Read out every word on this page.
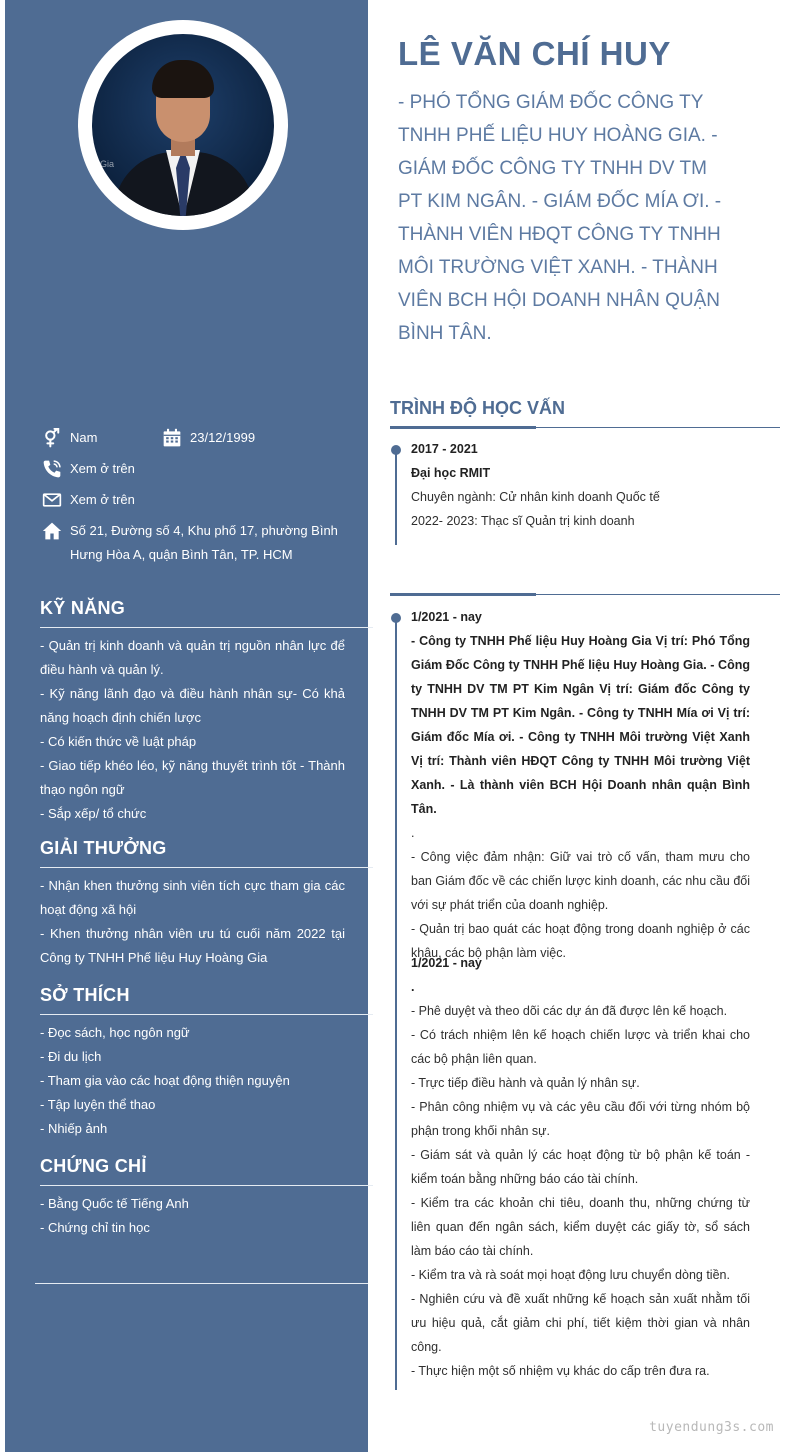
Gia
n
Nam	23/12/1999
Xem ở trên
Xem ở trên
Số 21, Đường số 4, Khu phố 17, phường Bình Hưng Hòa A, quận Bình Tân, TP. HCM
KỸ NĂNG
- Quản trị kinh doanh và quản trị nguồn nhân lực để điều hành và quản lý.
- Kỹ năng lãnh đạo và điều hành nhân sự- Có khả năng hoạch định chiến lược
- Có kiến thức về luật pháp
- Giao tiếp khéo léo, kỹ năng thuyết trình tốt - Thành thạo ngôn ngữ
- Sắp xếp/ tổ chức
GIẢI THƯỞNG
- Nhận khen thưởng sinh viên tích cực tham gia các hoạt động xã hội
- Khen thưởng nhân viên ưu tú cuối năm 2022 tại Công ty TNHH Phế liệu Huy Hoàng Gia
SỞ THÍCH
- Đọc sách, học ngôn ngữ
- Đi du lịch
- Tham gia vào các hoạt động thiện nguyện
- Tập luyện thể thao
- Nhiếp ảnh
CHỨNG CHỈ
- Bằng Quốc tế Tiếng Anh
- Chứng chỉ tin học
LÊ VĂN CHÍ HUY
- PHÓ TỔNG GIÁM ĐỐC CÔNG TY TNHH PHẾ LIỆU HUY HOÀNG GIA. - GIÁM ĐỐC CÔNG TY TNHH DV TM PT KIM NGÂN. - GIÁM ĐỐC MÍA ƠI. - THÀNH VIÊN HĐQT CÔNG TY TNHH MÔI TRƯỜNG VIỆT XANH. - THÀNH VIÊN BCH HỘI DOANH NHÂN QUẬN BÌNH TÂN.
TRÌNH ĐỘ HỌC VẤN

2017 - 2021

Đại học RMIT

Chuyên ngành: Cử nhân kinh doanh Quốc tế

2022- 2023: Thạc sĩ Quản trị kinh doanh

1/2021 - nay

- Công ty TNHH Phế liệu Huy Hoàng Gia Vị trí: Phó Tổng Giám Đốc Công ty TNHH Phế liệu Huy Hoàng Gia. - Công ty TNHH DV TM PT Kim Ngân Vị trí: Giám đốc Công ty TNHH DV TM PT Kim Ngân. - Công ty TNHH Mía ơi Vị trí: Giám đốc Mía ơi. - Công ty TNHH Môi trường Việt Xanh Vị trí: Thành viên HĐQT Công ty TNHH Môi trường Việt Xanh. - Là thành viên BCH Hội Doanh nhân quận Bình Tân.

.

- Công việc đảm nhận: Giữ vai trò cố vấn, tham mưu cho ban Giám đốc về các chiến lược kinh doanh, các nhu cầu đối với sự phát triển của doanh nghiệp.

- Quản trị bao quát các hoạt động trong doanh nghiệp ở các khâu, các bộ phận làm việc.

1/2021 - nay

.

- Phê duyệt và theo dõi các dự án đã được lên kế hoạch.

- Có trách nhiệm lên kế hoạch chiến lược và triển khai cho các bộ phận liên quan.

- Trực tiếp điều hành và quản lý nhân sự.

- Phân công nhiệm vụ và các yêu cầu đối với từng nhóm bộ phận trong khối nhân sự.

- Giám sát và quản lý các hoạt động từ bộ phận kế toán - kiểm toán bằng những báo cáo tài chính.

- Kiểm tra các khoản chi tiêu, doanh thu, những chứng từ liên quan đến ngân sách, kiểm duyệt các giấy tờ, sổ sách làm báo cáo tài chính.

- Kiểm tra và rà soát mọi hoạt động lưu chuyển dòng tiền.

- Nghiên cứu và đề xuất những kế hoạch sản xuất nhằm tối ưu hiệu quả, cắt giảm chi phí, tiết kiệm thời gian và nhân công.

- Thực hiện một số nhiệm vụ khác do cấp trên đưa ra.

tuyendung3s.com
